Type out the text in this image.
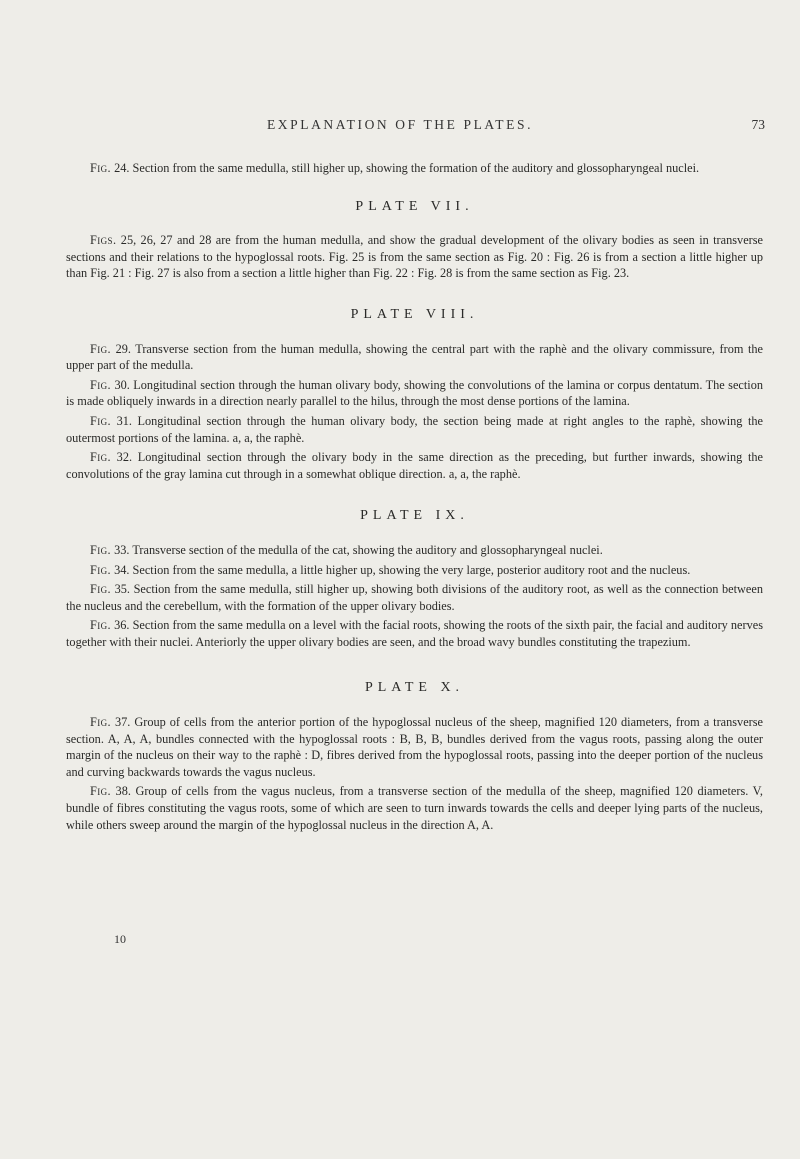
EXPLANATION OF THE PLATES.	73

Fig. 24. Section from the same medulla, still higher up, showing the formation of the auditory and glossopharyngeal nuclei.

PLATE VII.

Figs. 25, 26, 27 and 28 are from the human medulla, and show the gradual development of the olivary bodies as seen in transverse sections and their relations to the hypoglossal roots. Fig. 25 is from the same section as Fig. 20 : Fig. 26 is from a section a little higher up than Fig. 21 : Fig. 27 is also from a section a little higher than Fig. 22 : Fig. 28 is from the same section as Fig. 23.

PLATE VIII.

Fig. 29. Transverse section from the human medulla, showing the central part with the raphè and the olivary commissure, from the upper part of the medulla.

Fig. 30. Longitudinal section through the human olivary body, showing the convolutions of the lamina or corpus dentatum. The section is made obliquely inwards in a direction nearly parallel to the hilus, through the most dense portions of the lamina.

Fig. 31. Longitudinal section through the human olivary body, the section being made at right angles to the raphè, showing the outermost portions of the lamina. a, a, the raphè.

Fig. 32. Longitudinal section through the olivary body in the same direction as the preceding, but further inwards, showing the convolutions of the gray lamina cut through in a somewhat oblique direction. a, a, the raphè.

PLATE IX.

Fig. 33. Transverse section of the medulla of the cat, showing the auditory and glossopharyngeal nuclei.

Fig. 34. Section from the same medulla, a little higher up, showing the very large, posterior auditory root and the nucleus.

Fig. 35. Section from the same medulla, still higher up, showing both divisions of the auditory root, as well as the connection between the nucleus and the cerebellum, with the formation of the upper olivary bodies.

Fig. 36. Section from the same medulla on a level with the facial roots, showing the roots of the sixth pair, the facial and auditory nerves together with their nuclei. Anteriorly the upper olivary bodies are seen, and the broad wavy bundles constituting the trapezium.

PLATE X.

Fig. 37. Group of cells from the anterior portion of the hypoglossal nucleus of the sheep, magnified 120 diameters, from a transverse section. A, A, A, bundles connected with the hypoglossal roots : B, B, B, bundles derived from the vagus roots, passing along the outer margin of the nucleus on their way to the raphè : D, fibres derived from the hypoglossal roots, passing into the deeper portion of the nucleus and curving backwards towards the vagus nucleus.

Fig. 38. Group of cells from the vagus nucleus, from a transverse section of the medulla of the sheep, magnified 120 diameters. V, bundle of fibres constituting the vagus roots, some of which are seen to turn inwards towards the cells and deeper lying parts of the nucleus, while others sweep around the margin of the hypoglossal nucleus in the direction A, A.

10
